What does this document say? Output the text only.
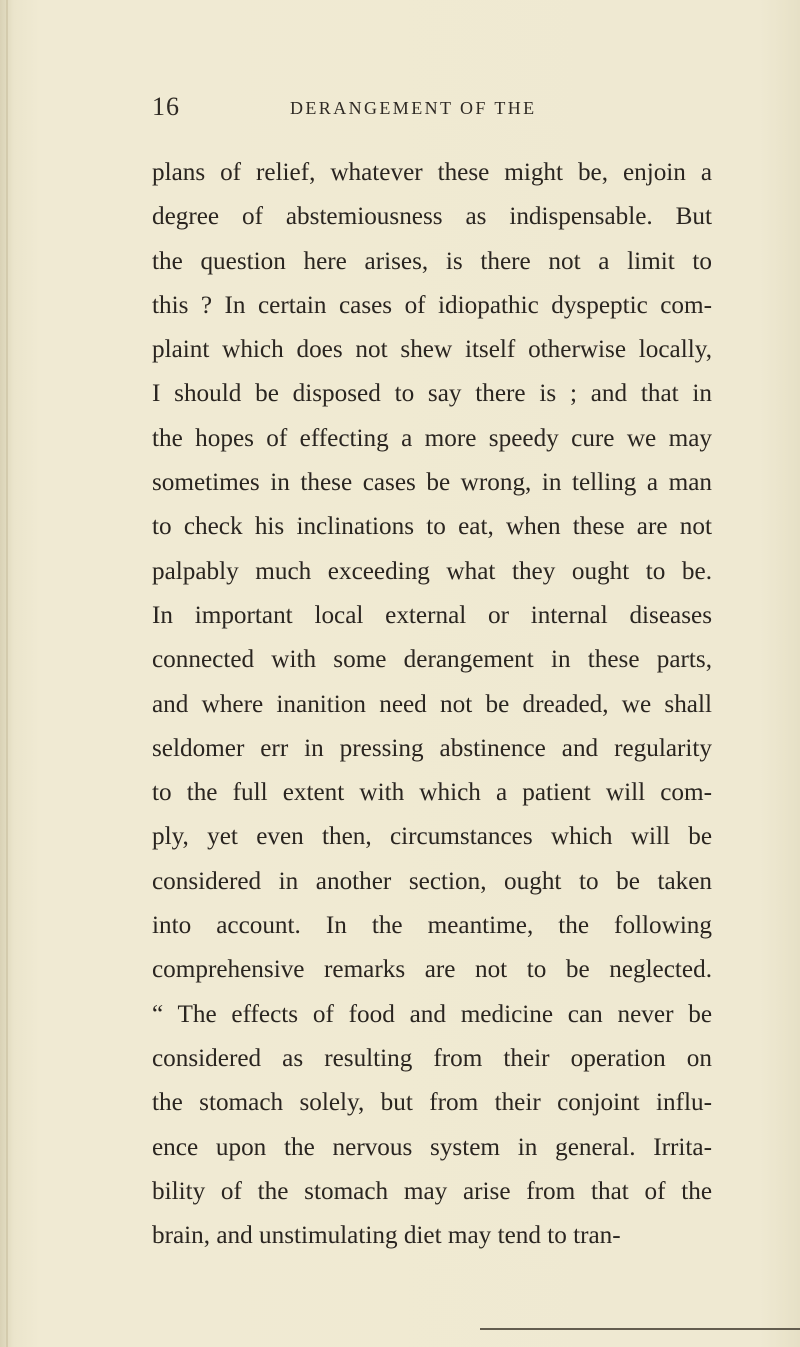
16	DERANGEMENT OF THE
plans of relief, whatever these might be, enjoin a
degree of abstemiousness as indispensable. But
the question here arises, is there not a limit to
this ? In certain cases of idiopathic dyspeptic com-
plaint which does not shew itself otherwise locally,
I should be disposed to say there is ; and that in
the hopes of effecting a more speedy cure we may
sometimes in these cases be wrong, in telling a man
to check his inclinations to eat, when these are not
palpably much exceeding what they ought to be.
In important local external or internal diseases
connected with some derangement in these parts,
and where inanition need not be dreaded, we shall
seldomer err in pressing abstinence and regularity
to the full extent with which a patient will com-
ply, yet even then, circumstances which will be
considered in another section, ought to be taken
into account. In the meantime, the following
comprehensive remarks are not to be neglected.
“ The effects of food and medicine can never be
considered as resulting from their operation on
the stomach solely, but from their conjoint influ-
ence upon the nervous system in general. Irrita-
bility of the stomach may arise from that of the
brain, and unstimulating diet may tend to tran-
